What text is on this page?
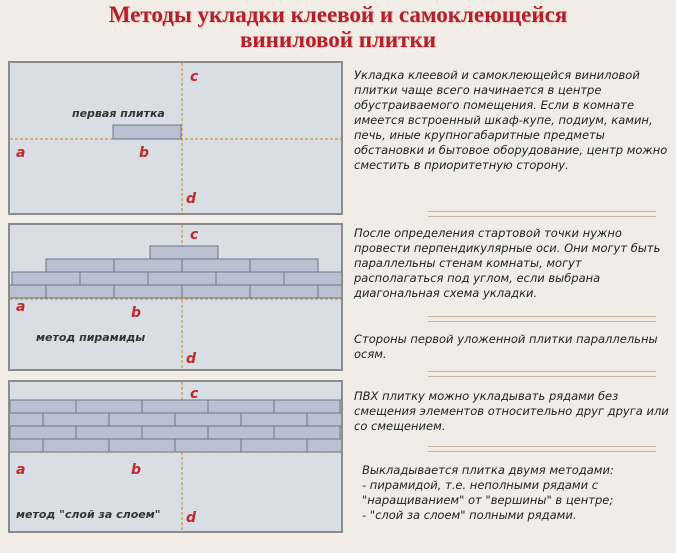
Методы укладки клеевой и самоклеющейся
виниловой плитки
первая плитка
c
a	b
d
метод пирамиды
c
a	b
d
метод "слой за слоем"
c
a	b
d
Укладка клеевой и самоклеющейся виниловой плитки чаще всего начинается в центре обустраиваемого помещения. Если в комнате имеется встроенный шкаф-купе, подиум, камин, печь, иные крупногабаритные предметы обстановки и бытовое оборудование, центр можно сместить в приоритетную сторону.
После определения стартовой точки нужно провести перпендикулярные оси. Они могут быть параллельны стенам комнаты, могут располагаться под углом, если выбрана диагональная схема укладки.
Стороны первой уложенной плитки параллельны осям.
ПВХ плитку можно укладывать рядами без смещения элементов относительно друг друга или со смещением.
Выкладывается плитка двумя методами:
- пирамидой, т.е. неполными рядами с "наращиванием" от "вершины" в центре;
- "слой за слоем" полными рядами.
